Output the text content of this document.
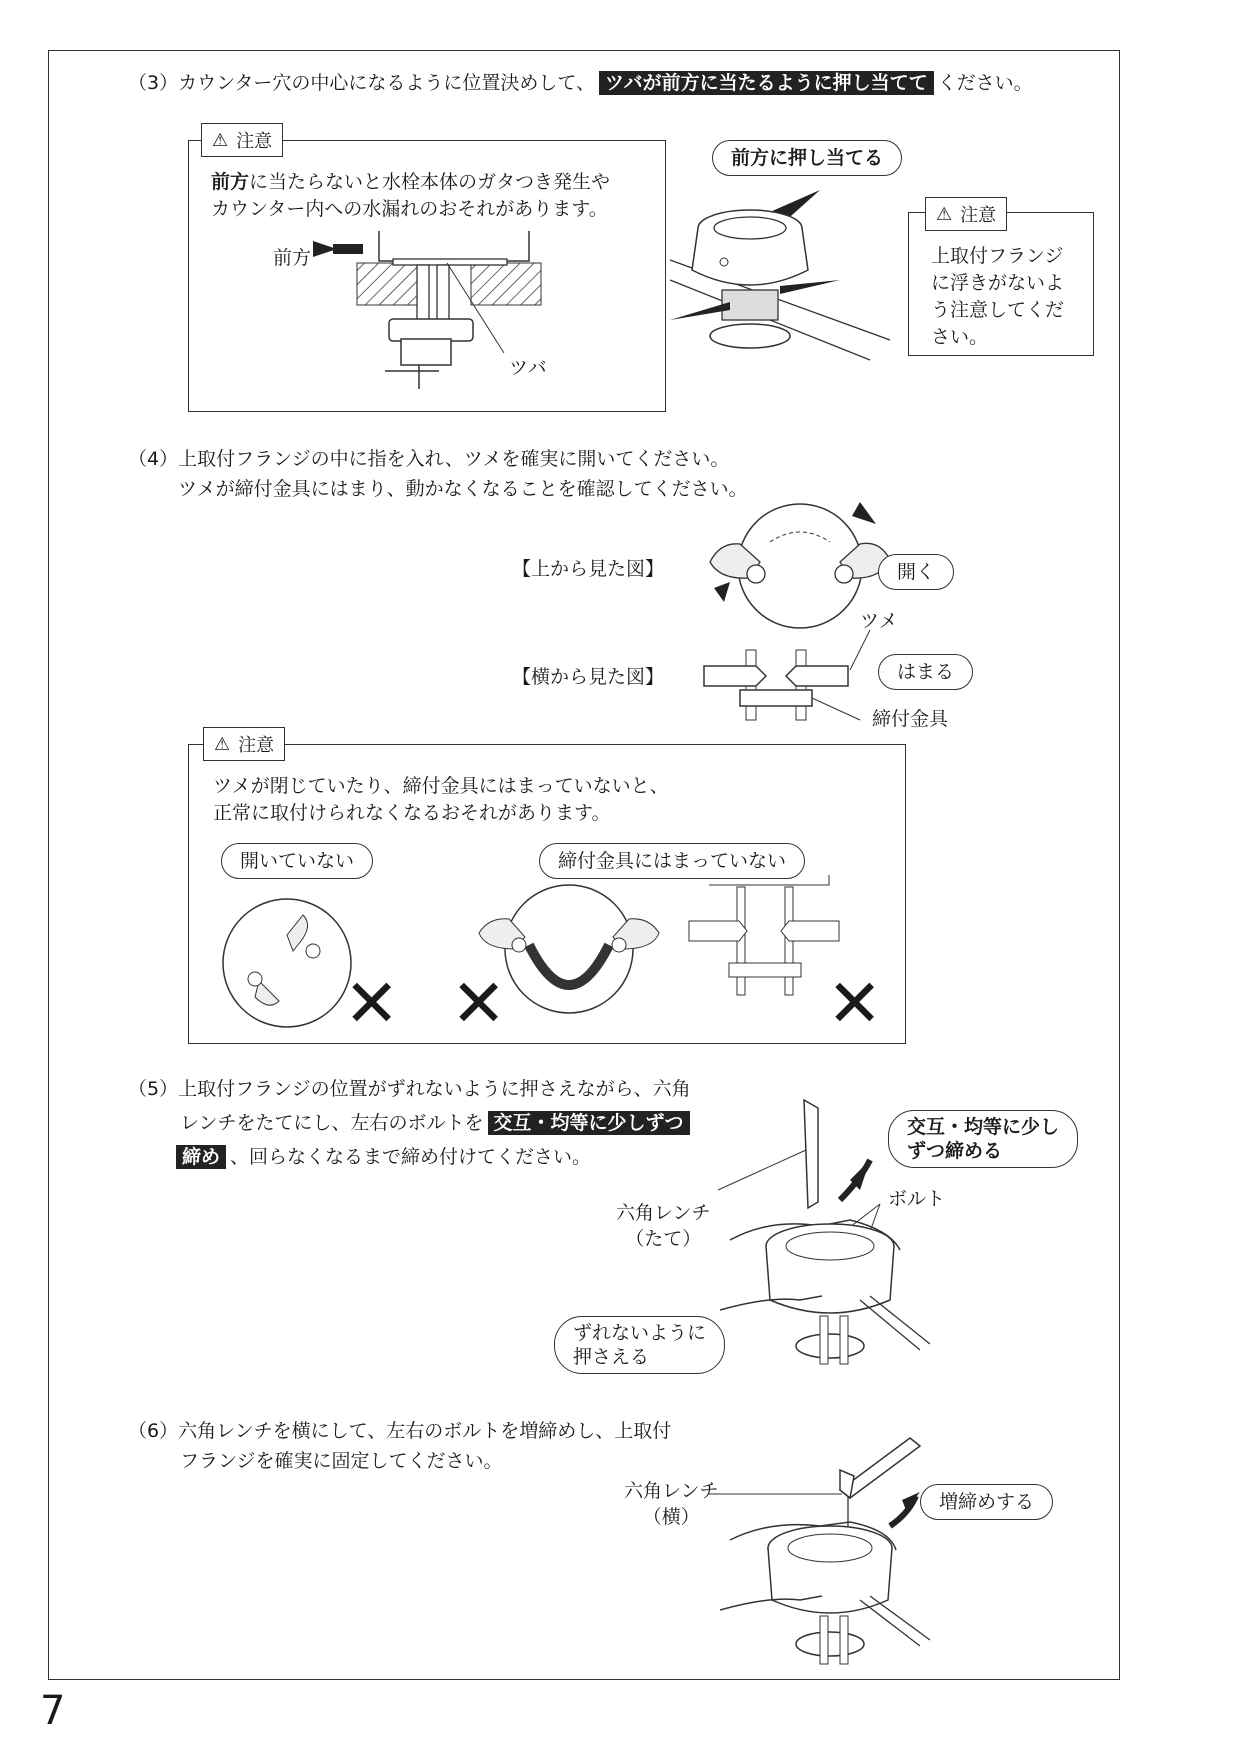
（3）カウンター穴の中心になるように位置決めして、 ツバが前方に当たるように押し当てて ください。
前方に当たらないと水栓本体のガタつき発生や
カウンター内への水漏れのおそれがあります。
前方
ツバ
⚠ 注意
前方に押し当てる
上取付フランジ
に浮きがないよ
う注意してくだ
さい。
⚠ 注意
（4）上取付フランジの中に指を入れ、ツメを確実に開いてください。
ツメが締付金具にはまり、動かなくなることを確認してください。
【上から見た図】
【横から見た図】
開く
ツメ
はまる
締付金具
ツメが閉じていたり、締付金具にはまっていないと、
正常に取付けられなくなるおそれがあります。
開いていない	締付金具にはまっていない
✕ ✕	✕
⚠ 注意
（5）上取付フランジの位置がずれないように押さえながら、六角
レンチをたてにし、左右のボルトを 交互・均等に少しずつ
締め 、回らなくなるまで締め付けてください。
交互・均等に少し
ずつ締める
六角レンチ
（たて）
ボルト
ずれないように
押さえる
（6）六角レンチを横にして、左右のボルトを増締めし、上取付
フランジを確実に固定してください。
六角レンチ
（横）
増締めする
7
